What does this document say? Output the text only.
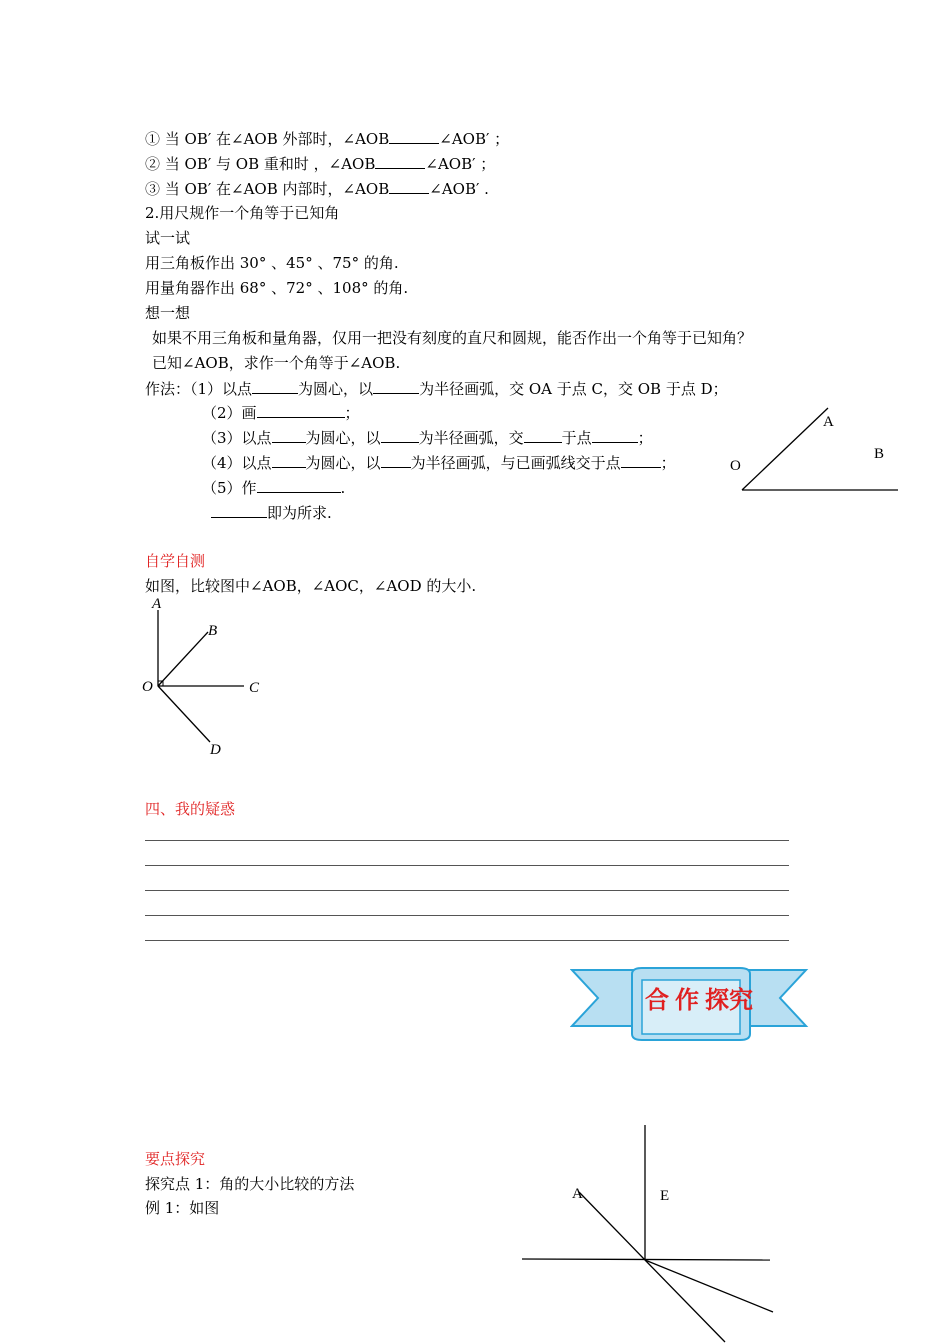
① 当 OB′ 在∠AOB 外部时，∠AOB	∠AOB′ ；
② 当 OB′ 与 OB 重和时 ，∠AOB	∠AOB′ ；
③ 当 OB′ 在∠AOB 内部时，∠AOB	∠AOB′ .
2.用尺规作一个角等于已知角
试一试
用三角板作出 30° 、45° 、75° 的角.
用量角器作出 68° 、72° 、108° 的角.
想一想
如果不用三角板和量角器，仅用一把没有刻度的直尺和圆规，能否作出一个角等于已知角？
已知∠AOB，求作一个角等于∠AOB.
作法：（1）以点	为圆心，以	为半径画弧，交 OA 于点 C，交 OB 于点 D；
（2）画	；
（3）以点 为圆心，以	为半径画弧，交	于点	；
（4）以点 为圆心，以 为半径画弧，与已画弧线交于点	；
（5）作	.
即为所求.
A
B
O
自学自测
如图，比较图中∠AOB，∠AOC，∠AOD 的大小.
A
B
O	C
D
四、我的疑惑
合 作 探究
要点探究
探究点 1：角的大小比较的方法
例 1：如图
A	E
